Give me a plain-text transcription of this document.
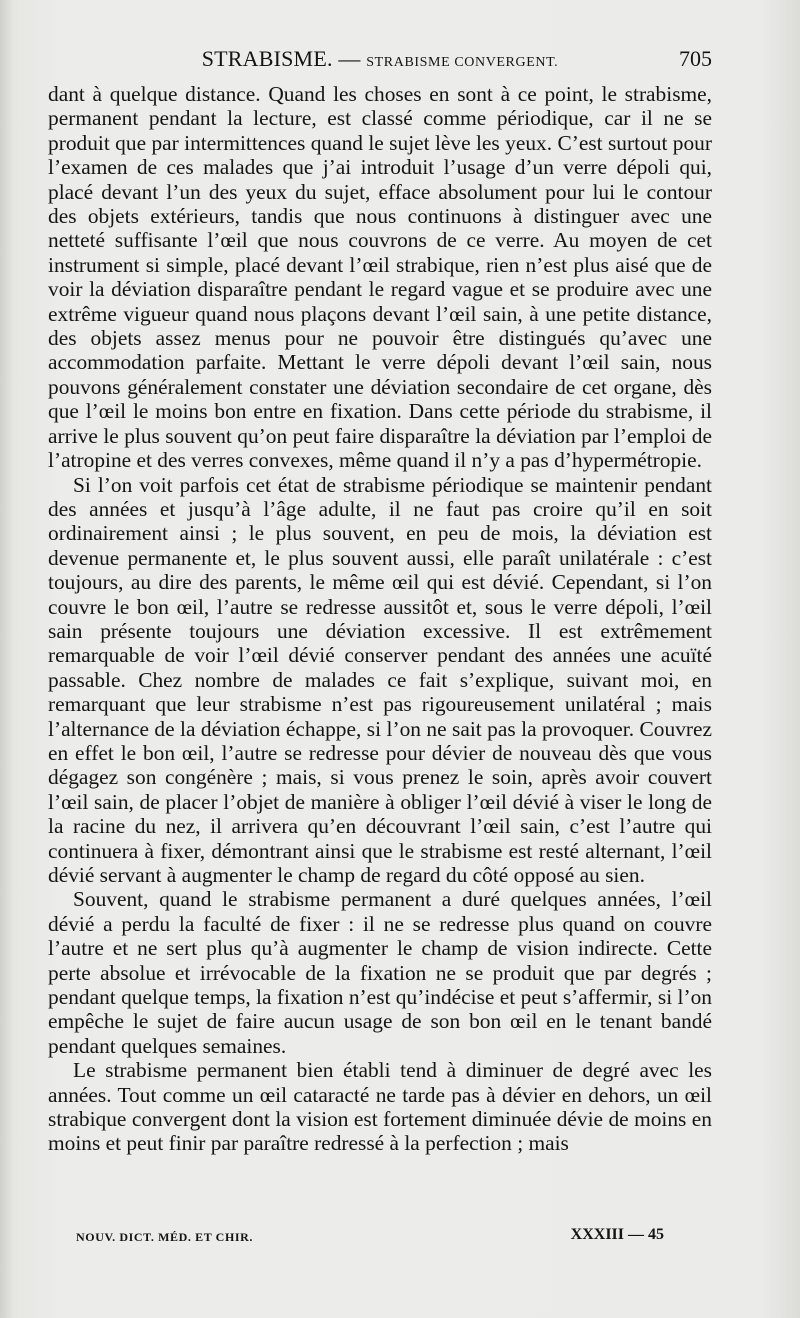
STRABISME. — STRABISME CONVERGENT.	705

dant à quelque distance. Quand les choses en sont à ce point, le strabisme, permanent pendant la lecture, est classé comme périodique, car il ne se produit que par intermittences quand le sujet lève les yeux. C’est surtout pour l’examen de ces malades que j’ai introduit l’usage d’un verre dépoli qui, placé devant l’un des yeux du sujet, efface absolument pour lui le contour des objets extérieurs, tandis que nous continuons à distinguer avec une netteté suffisante l’œil que nous couvrons de ce verre. Au moyen de cet instrument si simple, placé devant l’œil strabique, rien n’est plus aisé que de voir la déviation disparaître pendant le regard vague et se produire avec une extrême vigueur quand nous plaçons devant l’œil sain, à une petite distance, des objets assez menus pour ne pouvoir être distingués qu’avec une accommodation parfaite. Mettant le verre dépoli devant l’œil sain, nous pouvons généralement constater une déviation secondaire de cet organe, dès que l’œil le moins bon entre en fixation. Dans cette période du strabisme, il arrive le plus souvent qu’on peut faire disparaître la déviation par l’emploi de l’atropine et des verres convexes, même quand il n’y a pas d’hypermétropie.

Si l’on voit parfois cet état de strabisme périodique se maintenir pendant des années et jusqu’à l’âge adulte, il ne faut pas croire qu’il en soit ordinairement ainsi ; le plus souvent, en peu de mois, la déviation est devenue permanente et, le plus souvent aussi, elle paraît unilatérale : c’est toujours, au dire des parents, le même œil qui est dévié. Cependant, si l’on couvre le bon œil, l’autre se redresse aussitôt et, sous le verre dépoli, l’œil sain présente toujours une déviation excessive. Il est extrêmement remarquable de voir l’œil dévié conserver pendant des années une acuïté passable. Chez nombre de malades ce fait s’explique, suivant moi, en remarquant que leur strabisme n’est pas rigoureusement unilatéral ; mais l’alternance de la déviation échappe, si l’on ne sait pas la provoquer. Couvrez en effet le bon œil, l’autre se redresse pour dévier de nouveau dès que vous dégagez son congénère ; mais, si vous prenez le soin, après avoir couvert l’œil sain, de placer l’objet de manière à obliger l’œil dévié à viser le long de la racine du nez, il arrivera qu’en découvrant l’œil sain, c’est l’autre qui continuera à fixer, démontrant ainsi que le strabisme est resté alternant, l’œil dévié servant à augmenter le champ de regard du côté opposé au sien.

Souvent, quand le strabisme permanent a duré quelques années, l’œil dévié a perdu la faculté de fixer : il ne se redresse plus quand on couvre l’autre et ne sert plus qu’à augmenter le champ de vision indirecte. Cette perte absolue et irrévocable de la fixation ne se produit que par degrés ; pendant quelque temps, la fixation n’est qu’indécise et peut s’affermir, si l’on empêche le sujet de faire aucun usage de son bon œil en le tenant bandé pendant quelques semaines.

Le strabisme permanent bien établi tend à diminuer de degré avec les années. Tout comme un œil cataracté ne tarde pas à dévier en dehors, un œil strabique convergent dont la vision est fortement diminuée dévie de moins en moins et peut finir par paraître redressé à la perfection ; mais

NOUV. DICT. MÉD. ET CHIR.	XXXIII — 45
